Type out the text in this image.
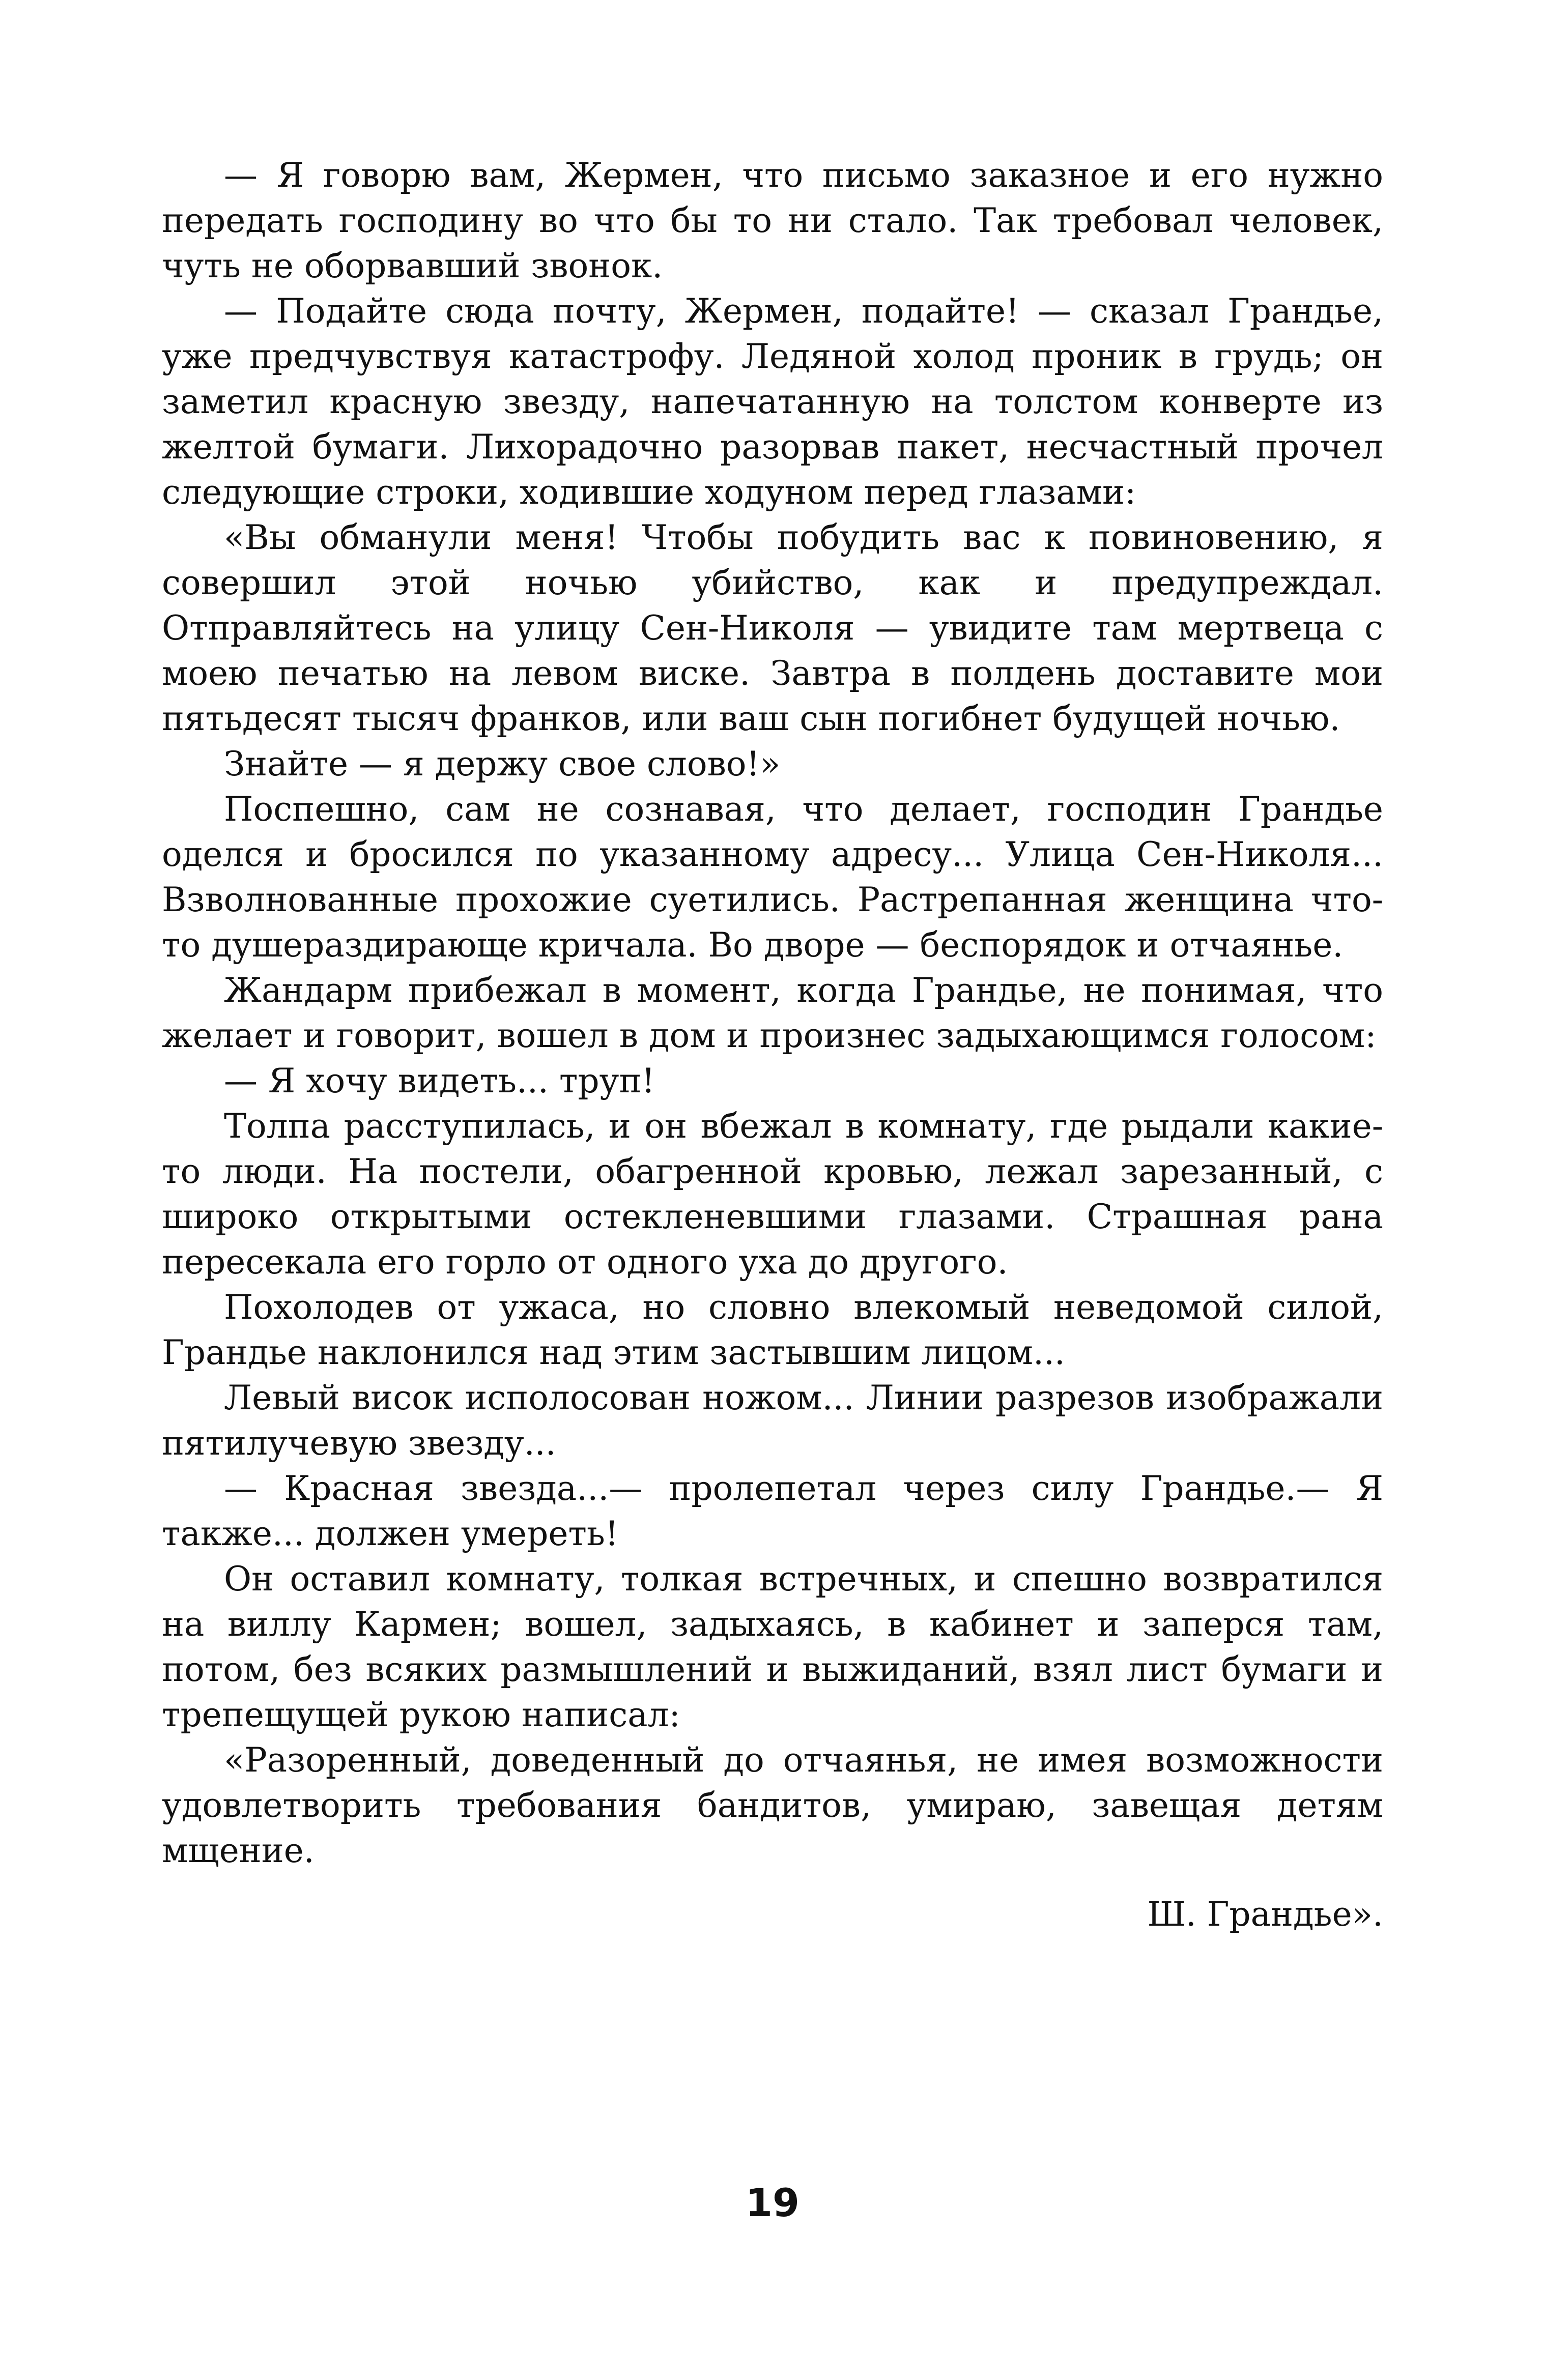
— Я говорю вам, Жермен, что письмо заказное и его нужно передать господину во что бы то ни стало. Так требовал человек, чуть не оборвавший звонок.

— Подайте сюда почту, Жермен, подайте! — сказал Грандье, уже предчувствуя катастрофу. Ледяной холод проник в грудь; он заметил красную звезду, напечатанную на толстом конверте из желтой бумаги. Лихорадочно разорвав пакет, несчастный прочел следующие строки, ходившие ходуном перед глазами:

«Вы обманули меня! Чтобы побудить вас к повиновению, я совершил этой ночью убийство, как и предупреждал. Отправляйтесь на улицу Сен-Николя — увидите там мертвеца с моею печатью на левом виске. Завтра в полдень доставите мои пятьдесят тысяч франков, или ваш сын погибнет будущей ночью.

Знайте — я держу свое слово!»

Поспешно, сам не сознавая, что делает, господин Грандье оделся и бросился по указанному адресу... Улица Сен-Николя... Взволнованные прохожие суетились. Растрепанная женщина что-то душераздирающе кричала. Во дворе — беспорядок и отчаянье.

Жандарм прибежал в момент, когда Грандье, не понимая, что желает и говорит, вошел в дом и произнес задыхающимся голосом:

— Я хочу видеть... труп!

Толпа расступилась, и он вбежал в комнату, где рыдали какие-то люди. На постели, обагренной кровью, лежал зарезанный, с широко открытыми остекленевшими глазами. Страшная рана пересекала его горло от одного уха до другого.

Похолодев от ужаса, но словно влекомый неведомой силой, Грандье наклонился над этим застывшим лицом...

Левый висок исполосован ножом... Линии разрезов изображали пятилучевую звезду...

— Красная звезда...— пролепетал через силу Грандье.— Я также... должен умереть!

Он оставил комнату, толкая встречных, и спешно возвратился на виллу Кармен; вошел, задыхаясь, в кабинет и заперся там, потом, без всяких размышлений и выжиданий, взял лист бумаги и трепещущей рукою написал:

«Разоренный, доведенный до отчаянья, не имея возможности удовлетворить требования бандитов, умираю, завещая детям мщение.

Ш. Грандье».

19
